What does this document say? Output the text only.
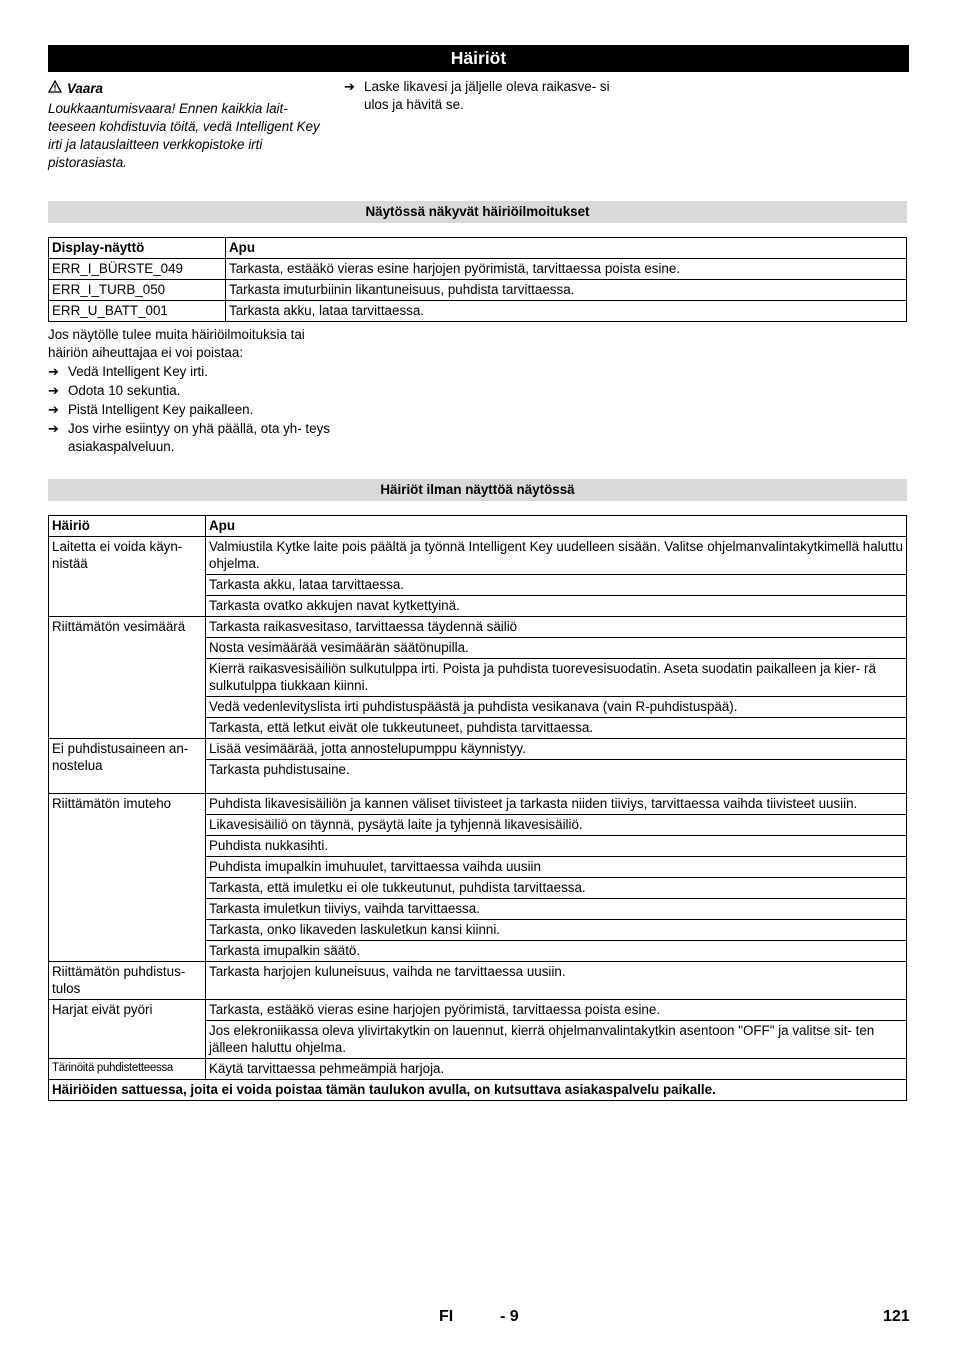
Häiriöt
Vaara
Loukkaantumisvaara! Ennen kaikkia lait- teeseen kohdistuvia töitä, vedä Intelligent Key irti ja latauslaitteen verkkopistoke irti pistorasiasta.
➔ Laske likavesi ja jäljelle oleva raikasve- si ulos ja hävitä se.
Näytössä näkyvät häiriöilmoitukset
Display-näyttö	Apu
ERR_I_BÜRSTE_049	Tarkasta, estääkö vieras esine harjojen pyörimistä, tarvittaessa poista esine.
ERR_I_TURB_050	Tarkasta imuturbiinin likantuneisuus, puhdista tarvittaessa.
ERR_U_BATT_001	Tarkasta akku, lataa tarvittaessa.
Jos näytölle tulee muita häiriöilmoituksia tai häiriön aiheuttajaa ei voi poistaa:
➔ Vedä Intelligent Key irti.
➔ Odota 10 sekuntia.
➔ Pistä Intelligent Key paikalleen.
➔ Jos virhe esiintyy on yhä päällä, ota yh- teys asiakaspalveluun.
Häiriöt ilman näyttöä näytössä
Häiriö	Apu
Laitetta ei voida käyn- nistää	Valmiustila Kytke laite pois päältä ja työnnä Intelligent Key uudelleen sisään. Valitse ohjelmanvalintakytkimellä haluttu ohjelma.
	Tarkasta akku, lataa tarvittaessa.
	Tarkasta ovatko akkujen navat kytkettyinä.
Riittämätön vesimäärä	Tarkasta raikasvesitaso, tarvittaessa täydennä säiliö
	Nosta vesimäärää vesimäärän säätönupilla.
	Kierrä raikasvesisäiliön sulkutulppa irti. Poista ja puhdista tuorevesisuodatin. Aseta suodatin paikalleen ja kier- rä sulkutulppa tiukkaan kiinni.
	Vedä vedenlevityslista irti puhdistuspäästä ja puhdista vesikanava (vain R-puhdistuspää).
	Tarkasta, että letkut eivät ole tukkeutuneet, puhdista tarvittaessa.
Ei puhdistusaineen an- nostelua	Lisää vesimäärää, jotta annostelupumppu käynnistyy.
	Tarkasta puhdistusaine.
Riittämätön imuteho	Puhdista likavesisäiliön ja kannen väliset tiivisteet ja tarkasta niiden tiiviys, tarvittaessa vaihda tiivisteet uusiin.
	Likavesisäiliö on täynnä, pysäytä laite ja tyhjennä likavesisäiliö.
	Puhdista nukkasihti.
	Puhdista imupalkin imuhuulet, tarvittaessa vaihda uusiin
	Tarkasta, että imuletku ei ole tukkeutunut, puhdista tarvittaessa.
	Tarkasta imuletkun tiiviys, vaihda tarvittaessa.
	Tarkasta, onko likaveden laskuletkun kansi kiinni.
	Tarkasta imupalkin säätö.
Riittämätön puhdistus- tulos	Tarkasta harjojen kuluneisuus, vaihda ne tarvittaessa uusiin.
Harjat eivät pyöri	Tarkasta, estääkö vieras esine harjojen pyörimistä, tarvittaessa poista esine.
	Jos elekroniikassa oleva ylivirtakytkin on lauennut, kierrä ohjelmanvalintakytkin asentoon "OFF" ja valitse sit- ten jälleen haluttu ohjelma.
Tärinöitä puhdistetteessa	Käytä tarvittaessa pehmeämpiä harjoja.
Häiriöiden sattuessa, joita ei voida poistaa tämän taulukon avulla, on kutsuttava asiakaspalvelu paikalle.	
FI	- 9	121
